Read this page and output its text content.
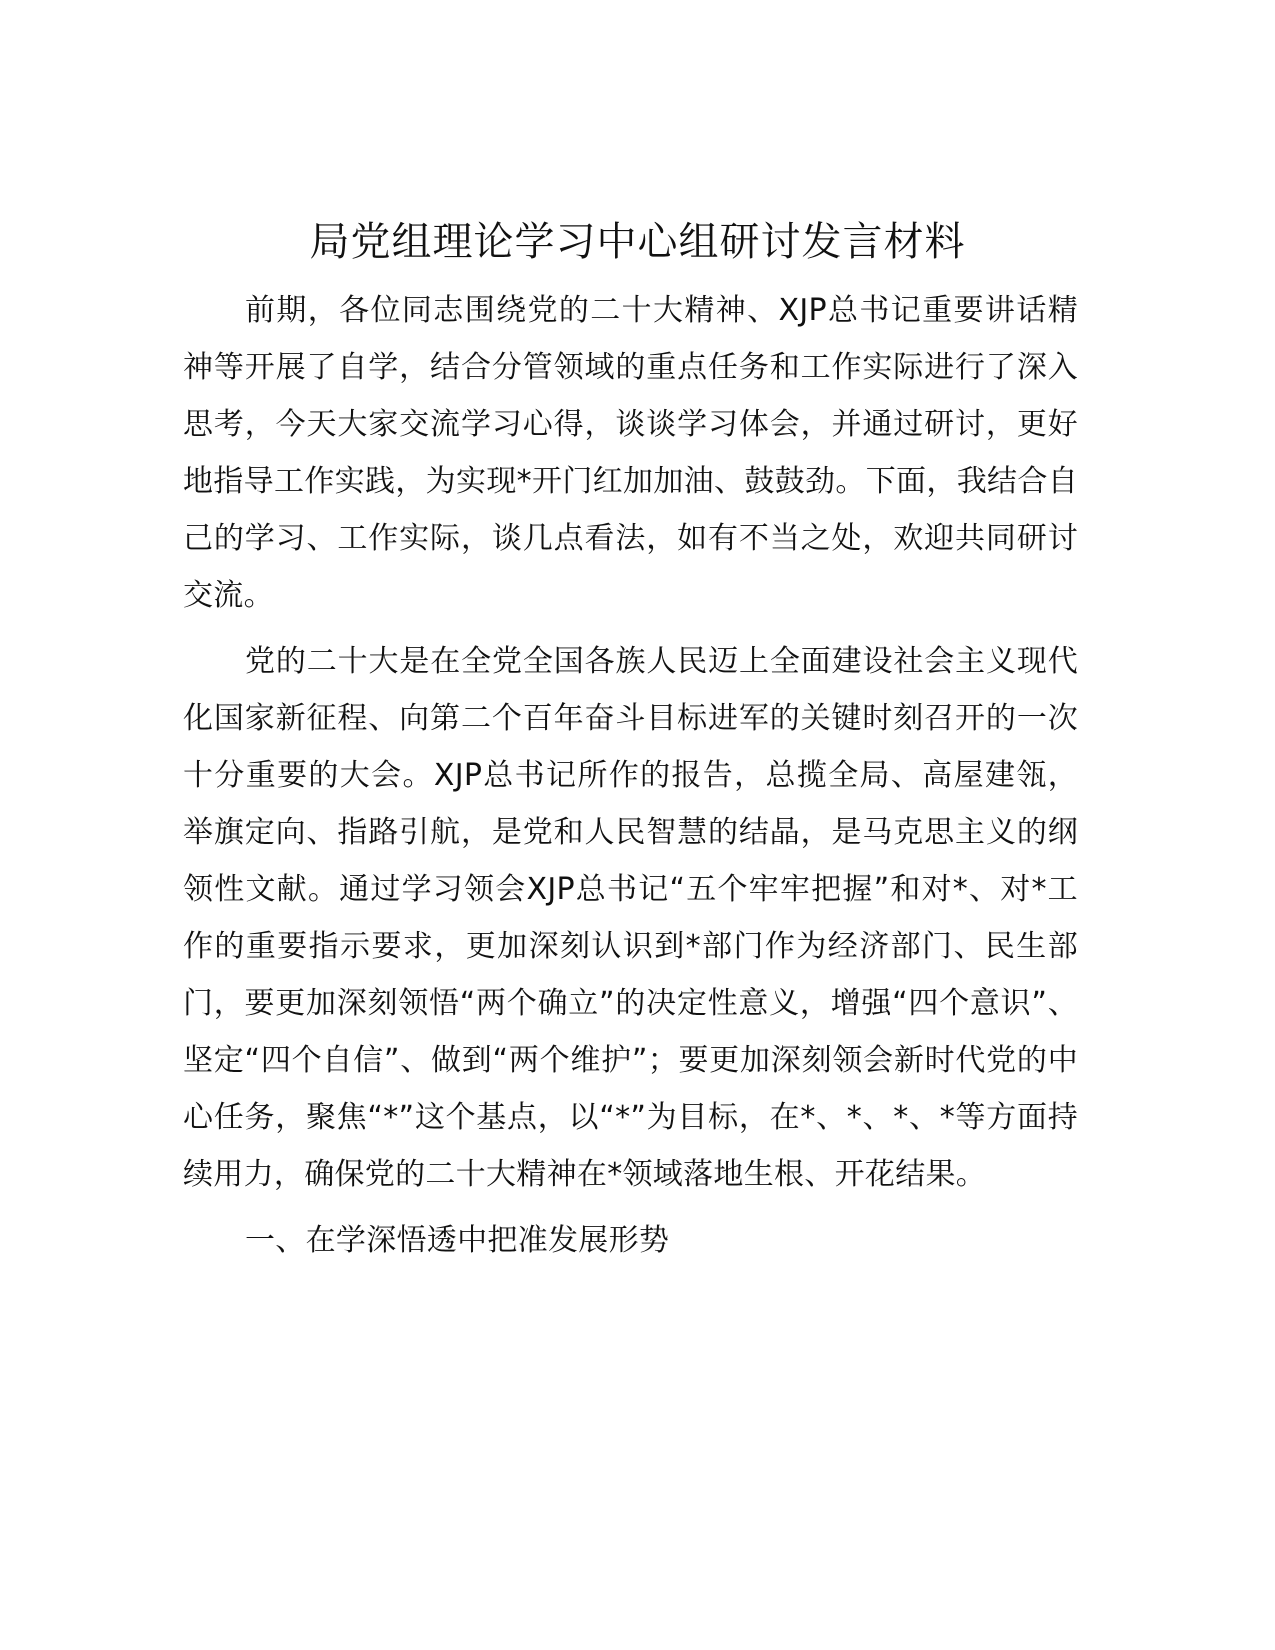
局党组理论学习中心组研讨发言材料

前期，各位同志围绕党的二十大精神、XJP总书记重要讲话精神等开展了自学，结合分管领域的重点任务和工作实际进行了深入思考，今天大家交流学习心得，谈谈学习体会，并通过研讨，更好地指导工作实践，为实现*开门红加加油、鼓鼓劲。下面，我结合自己的学习、工作实际，谈几点看法，如有不当之处，欢迎共同研讨交流。

党的二十大是在全党全国各族人民迈上全面建设社会主义现代化国家新征程、向第二个百年奋斗目标进军的关键时刻召开的一次十分重要的大会。XJP总书记所作的报告，总揽全局、高屋建瓴，举旗定向、指路引航，是党和人民智慧的结晶，是马克思主义的纲领性文献。通过学习领会XJP总书记“五个牢牢把握”和对*、对*工作的重要指示要求，更加深刻认识到*部门作为经济部门、民生部门，要更加深刻领悟“两个确立”的决定性意义，增强“四个意识”、坚定“四个自信”、做到“两个维护”；要更加深刻领会新时代党的中心任务，聚焦“*”这个基点，以“*”为目标，在*、*、*、*等方面持续用力，确保党的二十大精神在*领域落地生根、开花结果。

一、在学深悟透中把准发展形势
